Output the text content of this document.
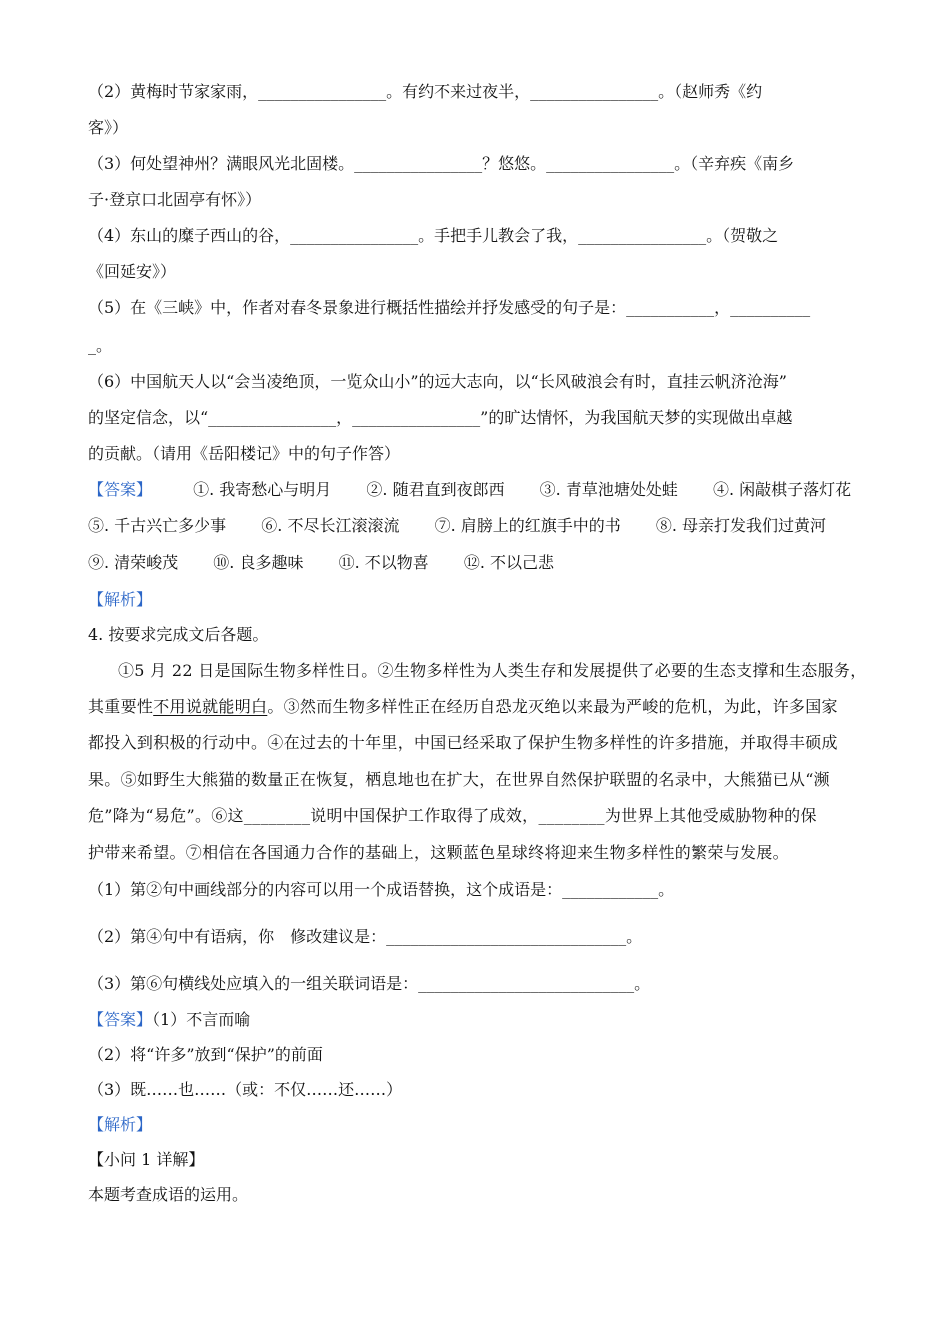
（2）黄梅时节家家雨，________________。有约不来过夜半，________________。（赵师秀《约
客》）
（3）何处望神州？满眼风光北固楼。________________？悠悠。________________。（辛弃疾《南乡
子·登京口北固亭有怀》）
（4）东山的糜子西山的谷，________________。手把手儿教会了我，________________。（贺敬之
《回延安》）
（5）在《三峡》中，作者对春冬景象进行概括性描绘并抒发感受的句子是：___________，__________
_。
（6）中国航天人以“会当凌绝顶，一览众山小”的远大志向，以“长风破浪会有时，直挂云帆济沧海”
的坚定信念，以“________________，________________”的旷达情怀，为我国航天梦的实现做出卓越
的贡献。（请用《岳阳楼记》中的句子作答）
【答案】	①. 我寄愁心与明月 ②. 随君直到夜郎西 ③. 青草池塘处处蛙 ④. 闲敲棋子落灯花
⑤. 千古兴亡多少事 ⑥. 不尽长江滚滚流 ⑦. 肩膀上的红旗手中的书 ⑧. 母亲打发我们过黄河
⑨. 清荣峻茂 ⑩. 良多趣味 ⑪. 不以物喜 ⑫. 不以己悲
【解析】
4. 按要求完成文后各题。
①5 月 22 日是国际生物多样性日。②生物多样性为人类生存和发展提供了必要的生态支撑和生态服务，
其重要性不用说就能明白。③然而生物多样性正在经历自恐龙灭绝以来最为严峻的危机，为此，许多国家
都投入到积极的行动中。④在过去的十年里，中国已经采取了保护生物多样性的许多措施，并取得丰硕成
果。⑤如野生大熊猫的数量正在恢复，栖息地也在扩大，在世界自然保护联盟的名录中，大熊猫已从“濒
危”降为“易危”。⑥这________说明中国保护工作取得了成效，________为世界上其他受威胁物种的保
护带来希望。⑦相信在各国通力合作的基础上，这颗蓝色星球终将迎来生物多样性的繁荣与发展。
（1）第②句中画线部分的内容可以用一个成语替换，这个成语是：____________。
（2）第④句中有语病，你　修改建议是：______________________________。
（3）第⑥句横线处应填入的一组关联词语是：___________________________。
【答案】（1）不言而喻
（2）将“许多”放到“保护”的前面
（3）既……也……（或：不仅……还……）
【解析】
【小问 1 详解】
本题考查成语的运用。
